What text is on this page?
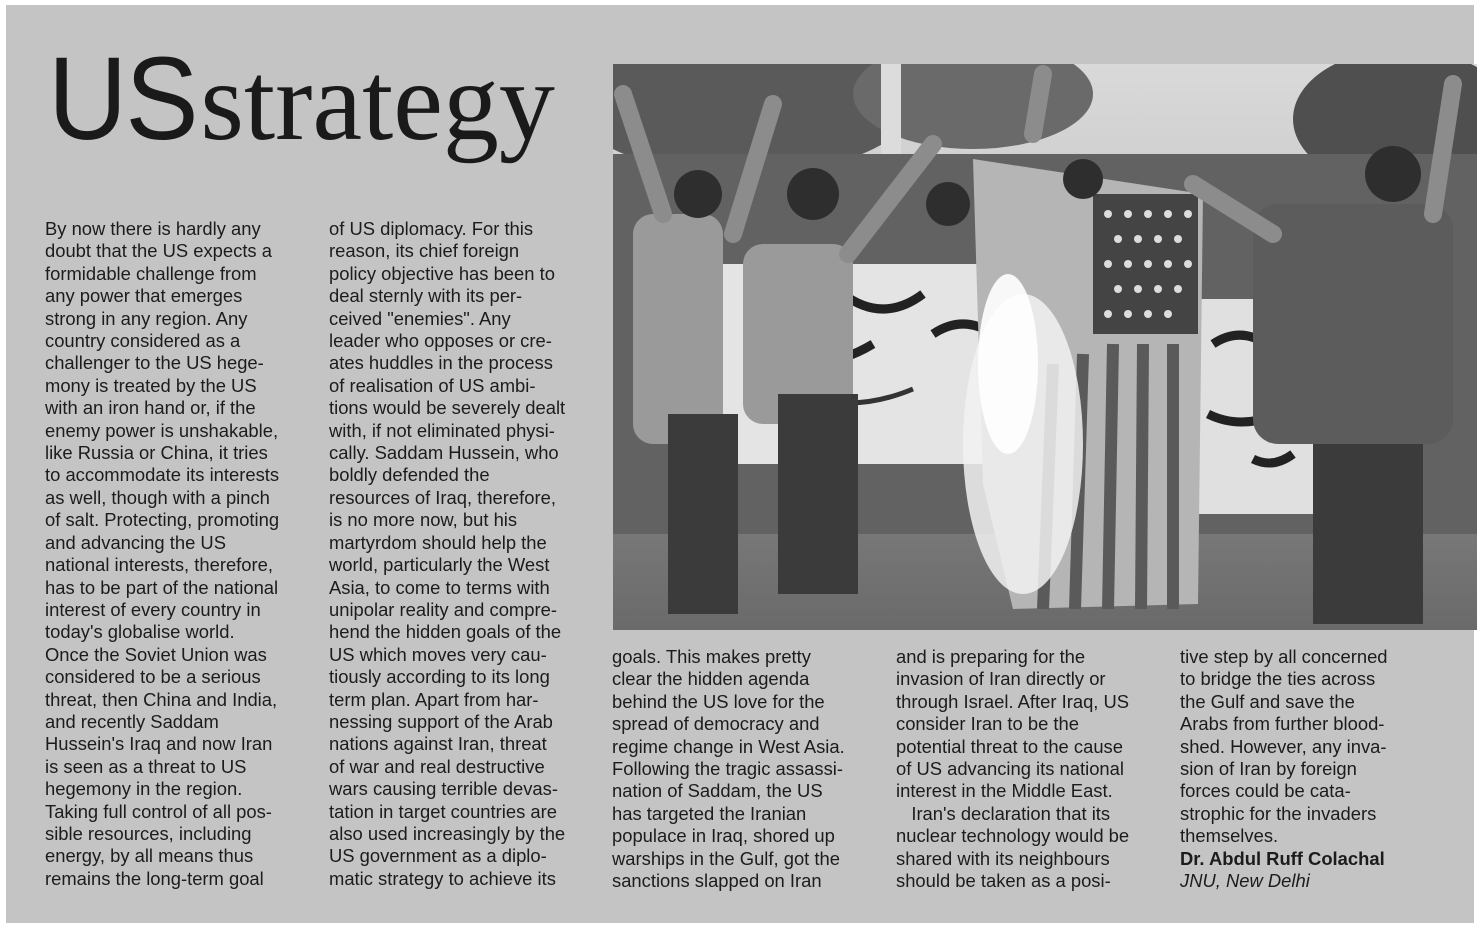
US strategy
By now there is hardly any
doubt that the US expects a
formidable challenge from
any power that emerges
strong in any region. Any
country considered as a
challenger to the US hege-
mony is treated by the US
with an iron hand or, if the
enemy power is unshakable,
like Russia or China, it tries
to accommodate its interests
as well, though with a pinch
of salt. Protecting, promoting
and advancing the US
national interests, therefore,
has to be part of the national
interest of every country in
today's globalise world.
Once the Soviet Union was
considered to be a serious
threat, then China and India,
and recently Saddam
Hussein's Iraq and now Iran
is seen as a threat to US
hegemony in the region.
Taking full control of all pos-
sible resources, including
energy, by all means thus
remains the long-term goal
of US diplomacy. For this
reason, its chief foreign
policy objective has been to
deal sternly with its per-
ceived "enemies". Any
leader who opposes or cre-
ates huddles in the process
of realisation of US ambi-
tions would be severely dealt
with, if not eliminated physi-
cally. Saddam Hussein, who
boldly defended the
resources of Iraq, therefore,
is no more now, but his
martyrdom should help the
world, particularly the West
Asia, to come to terms with
unipolar reality and compre-
hend the hidden goals of the
US which moves very cau-
tiously according to its long
term plan. Apart from har-
nessing support of the Arab
nations against Iran, threat
of war and real destructive
wars causing terrible devas-
tation in target countries are
also used increasingly by the
US government as a diplo-
matic strategy to achieve its
goals. This makes pretty
clear the hidden agenda
behind the US love for the
spread of democracy and
regime change in West Asia.
Following the tragic assassi-
nation of Saddam, the US
has targeted the Iranian
populace in Iraq, shored up
warships in the Gulf, got the
sanctions slapped on Iran
and is preparing for the
invasion of Iran directly or
through Israel. After Iraq, US
consider Iran to be the
potential threat to the cause
of US advancing its national
interest in the Middle East.
Iran's declaration that its
nuclear technology would be
shared with its neighbours
should be taken as a posi-
tive step by all concerned
to bridge the ties across
the Gulf and save the
Arabs from further blood-
shed. However, any inva-
sion of Iran by foreign
forces could be cata-
strophic for the invaders
themselves.
Dr. Abdul Ruff Colachal
JNU, New Delhi
